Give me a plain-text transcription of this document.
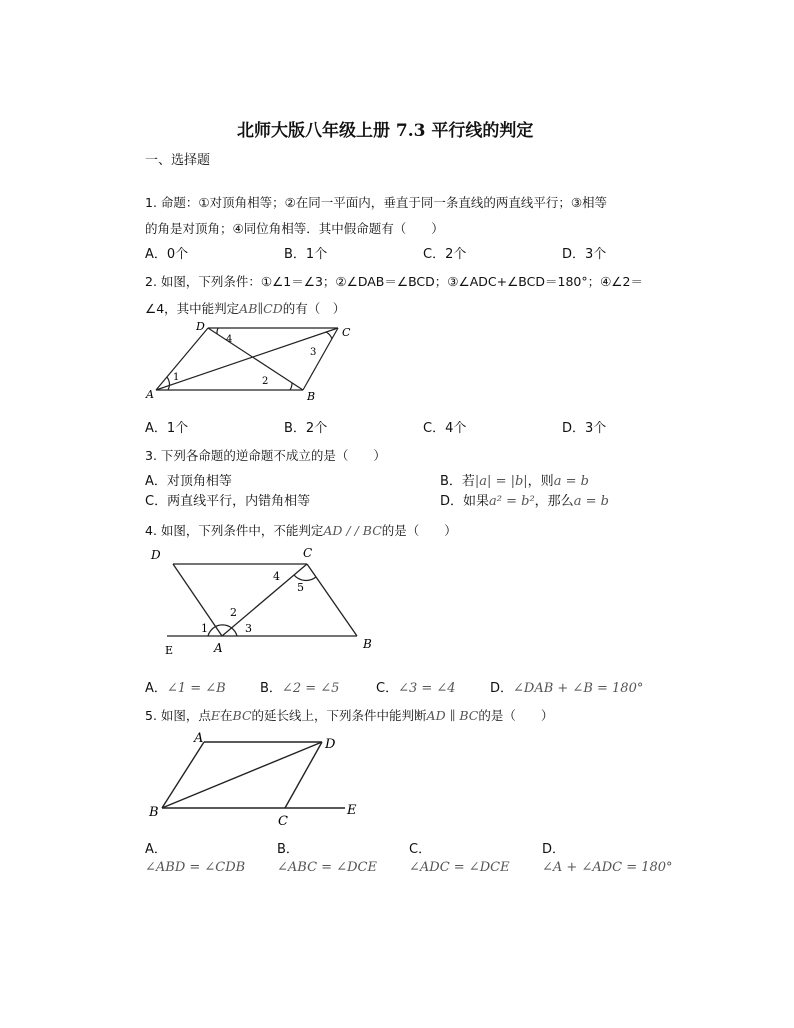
北师大版八年级上册 7.3 平行线的判定
一、选择题
1. 命题：①对顶角相等；②在同一平面内，垂直于同一条直线的两直线平行；③相等
的角是对顶角；④同位角相等．其中假命题有（　　）
A．0个	B．1个	C．2个	D．3个
2. 如图，下列条件：①∠1＝∠3；②∠DAB＝∠BCD；③∠ADC+∠BCD＝180°；④∠2＝
∠4，其中能判定AB∥CD的有（　）
D	C
A	B
1	2
3
4
A．1个	B．2个	C．4个	D．3个
3. 下列各命题的逆命题不成立的是（　　）
A．对顶角相等	B．若|a| = |b|，则a = b
C．两直线平行，内错角相等	D．如果a² = b²，那么a = b
4. 如图，下列条件中，不能判定AD / / BC的是（　　）
D	C
A	B
E
1
2
3
4
5
A．∠1 = ∠B	B．∠2 = ∠5	C．∠3 = ∠4	D．∠DAB + ∠B = 180°
5. 如图，点E在BC的延长线上，下列条件中能判断AD ∥ BC的是（　　）
A	D
B
C
E
A．	B．	C．	D．
∠ABD = ∠CDB ∠ABC = ∠DCE ∠ADC = ∠DCE ∠A + ∠ADC = 180°
